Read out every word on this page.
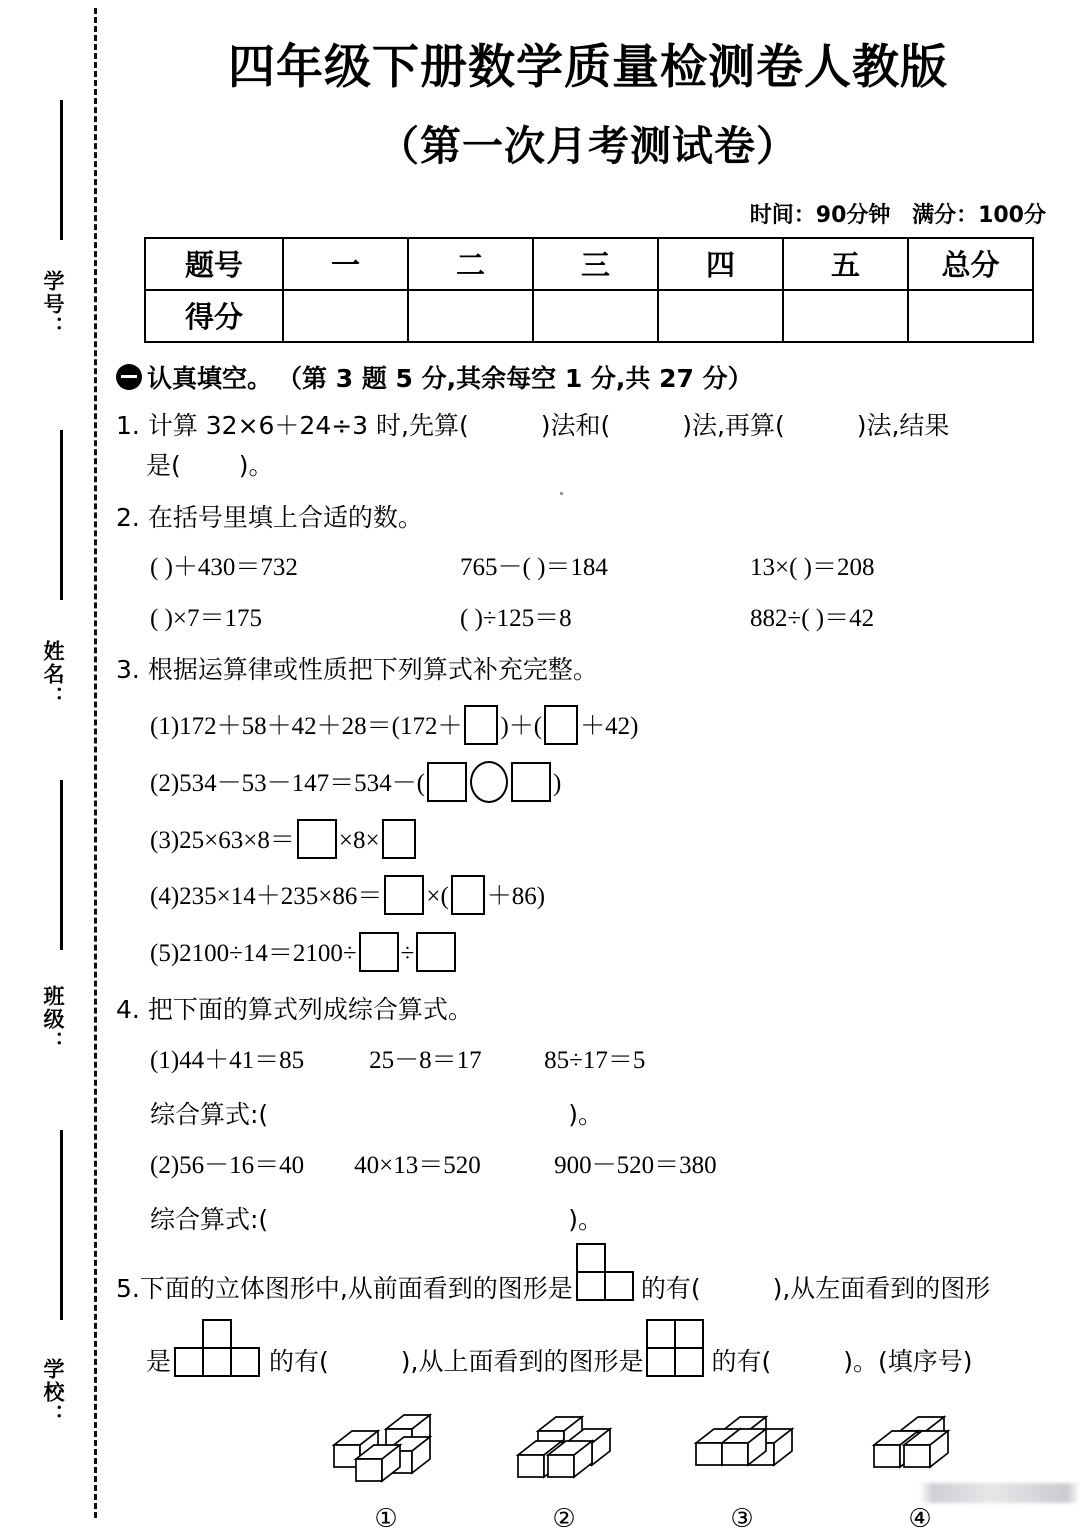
学号：
姓名：
班级：
学校：
四年级下册数学质量检测卷人教版
（第一次月考测试卷）
时间：90分钟 满分：100分
题号	一	二	三	四	五	总分
得分						
认真填空。 （第 3 题 5 分,其余每空 1 分,共 27 分）
1. 计算 32×6＋24÷3 时,先算(	)法和(	)法,再算(	)法,结果
是( )。
2. 在括号里填上合适的数。
( )＋430＝732	765－( )＝184	13×( )＝208
( )×7＝175	( )÷125＝8	882÷( )＝42
3. 根据运算律或性质把下列算式补充完整。
(1)172＋58＋42＋28＝(172＋ )＋( ＋42)
(2)534－53－147＝534－(	)
(3)25×63×8＝ ×8×
(4)235×14＋235×86＝ ×( ＋86)
(5)2100÷14＝2100÷ ÷
4. 把下面的算式列成综合算式。
(1) 44＋41＝85	25－8＝17	85÷17＝5
综合算式:(	)。
(2) 56－16＝40	40×13＝520	900－520＝380
综合算式:(	)。
5.下面的立体图形中,从前面看到的图形是	的有(	),从左面看到的图形
是	的有(	),从上面看到的图形是	的有(	)。(填序号)
①	②	③	④
